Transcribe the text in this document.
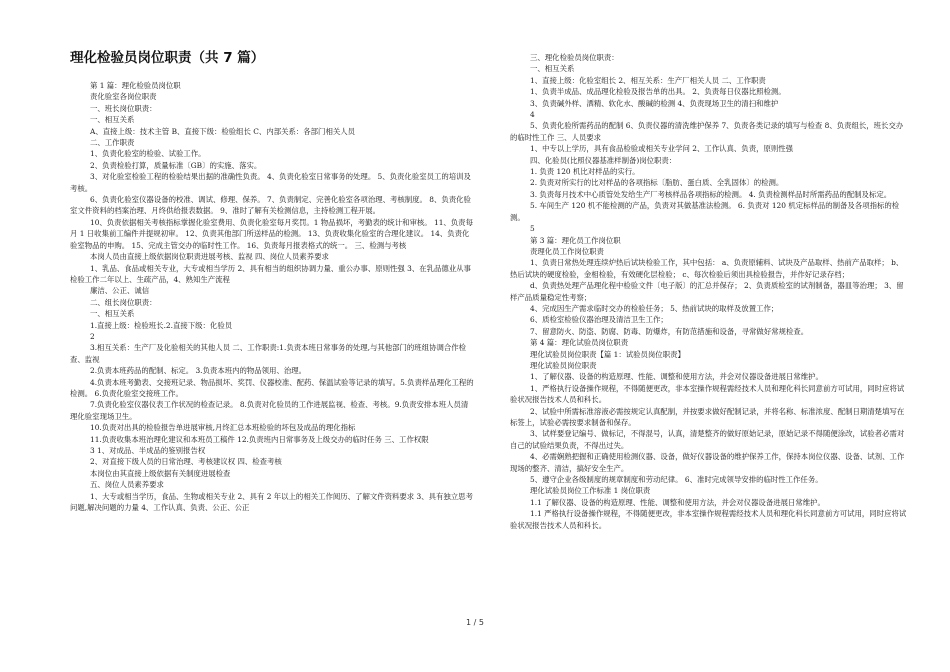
理化检验员岗位职责（共 7 篇）

第 1 篇：理化检验员岗位职

责化验室各岗位职责

一、班长岗位职责：

一、相互关系

A、直接上级：技术主管 B、直接下级：检验组长 C、内部关系：各部门相关人员

二、工作职责

1、负责化验室的检验、试验工作。

2、负责检验打算，质量标准〔GB〕的实施、落实。

3、对化验室检验工程的检验结果出据的准确性负责。 4、负责化验室日常事务的处理。 5、负责化验室员工的培训及考核。

6、负责化验室仪器设备的校准、调试、修理、保养。 7、负责制定、完善化验室各项治理、考核制度。 8、负责化验室文件资料的档案治理、月终供给报表数据。 9、准时了解有关检测信息，主持检测工程开展。

10、负责依据相关考核指标掌握化验室费用、负责化验室每月奖罚。1 物品损坏，考勤表的统计和审核。 11、负责每月 1 日收集前工编件并提规初审。 12、负责其他部门所送样品的检测。 13、负责收集化验室的合理化建议。 14、负责化验室物品的申购。 15、完成主管交办的临时性工作。 16、负责每月报表格式的统一。 三、检测与考核

本岗人员由直接上级依据岗位职责进展考核、监视 四、岗位人员素养要求

1、乳品、食品或相关专业，大专或相当学历 2、具有相当的组织协调力量、重公办事、原则性强 3、在乳品德业从事检验工作二年以上、生疏产品，4、熟知生产流程

廉洁、公正、诚信

二、组长岗位职责：

一、相互关系

1.直接上级：检验班长.2.直接下级：化验员

2

3.相互关系：生产厂及化验相关的其他人员 二、工作职责:1.负责本班日常事务的处理,与其他部门的班组协调合作检查、监视

2.负责本班药品的配制、标定。 3.负责本班内的物品领用、治理。

4.负责本班考勤表、交接班记录、物品损坏、奖罚、仪器校准、配药、保温试验等记录的填写。5.负责样品理化工程的检测。 6.负责化验室交接班工作。

7.负责化验室仪器仪表工作状况的检查记录。 8.负责对化验员的工作进展监视、检查、考核。9.负责安排本班人员清理化验室现场卫生。

10.负责对出具的检验报告单进展审核,月终汇总本班检验的坏包及成品的理化指标

11.负责收集本班治理化建议和本班员工稿件 12.负责班内日常事务及上级交办的临时任务 三、工作权限

3 1、对成品、半成品的鉴别报告权

2、对直接下级人员的日常治理、考核建议权 四、检查考核

本岗位由其直接上级依据有关制度进展检查

五、岗位人员素养要求

1、大专或相当学历，食品、生物或相关专业 2、具有 2 年以上的相关工作阅历、了解文件资料要求 3、具有独立思考问题,解决问题的力量 4、工作认真、负责、公正、公正

三、理化检验员岗位职责：

一、相互关系

1、直接上级：化验室组长 2、相互关系：生产厂相关人员 二、工作职责

1、负责半成品、成品理化检验及报告单的出具。 2、负责每日仪器比照检测。

3、负责碱外样、洒精、软化水、酸碱的检测 4、负责现场卫生的清扫和维护

4

5、负责化验所需药品的配制 6、负责仪器的清洗维护保养 7、负责各类记录的填写与检查 8、负责组长，班长交办的临时性工作 三、人员要求

1、中专以上学历，具有食品检验或相关专业学问 2、工作认真、负责，原则性强

四、化验员(比照仪器基准样制备)岗位职责：

1. 负责 120 机比对样品的实行。

2. 负责对所实行的比对样品的各项指标〔脂肪、蛋白质、全乳固体〕的检测。

3. 负责每月技术中心质管处发给生产厂考核样品各项指标的检测。 4. 负责检测样品时所需药品的配制及标定。

5. 车间生产 120 机不能检测的产品，负责对其做基准法检测。 6. 负责对 120 机定标样品的制备及各项指标的检测。

5

第 3 篇：理化员工作岗位职

责理化员工作岗位职责

1、负责日常热处理连续炉热后试块检验工作，其中包括： a、负责原辅料、试块及产品取样、热前产品取样； b、热后试块的硬度检验，金相检验，有效硬化层检验； c、每次检验后须出具检验报告，并作好记录存档；

d、负责热处理产品理化程中检验文件〔电子版〕的汇总并保存； 2、负责质检室的试剂制备，器皿等治理； 3、留样产品质量稳定性考察；

4、完成因生产需求临时交办的检验任务； 5、热前试块的取样及放置工作；

6、质检室检验仪器治理及清洁卫生工作；

7、留意防火、防盗、防腐、防毒、防爆炸，有防范措施和设备，寻常做好常规检查。

第 4 篇：理化试验员岗位职责

理化试验员岗位职责【篇 1：试验员岗位职责】

理化试验员岗位职责

1、了解仪器、设备的构造原理、性能、调整和使用方法，并会对仪器设备进展日常维护。

1、严格执行设备操作规程，不得随便更改，非本室操作规程需经技术人员和理化科长同意前方可试用，同时应将试验状况报告技术人员和科长。

2、试验中所需标准溶液必需按规定认真配制，并按要求做好配制记录，并将名称、标准浓度、配制日期清楚填写在标签上，试验必需按要求制备和保存。

3、试样要登记编号、做标记，不得混号，认真，清楚整齐的做好原始记录，原始记录不得随便涂改，试验者必需对自己的试验结果负责，不得出过失。

4、必需娴熟把握和正确使用检测仪器、设备，做好仪器设备的维护保养工作，保持本岗位仪器、设备、试剂、工作现场的整齐、清洁，搞好安全生产。

5、遵守企业各级制度的规章制度和劳动纪律。 6、准时完成领导安排的临时性工作任务。

理化试验员岗位工作标准 1 岗位职责

1.1 了解仪器、设备的构造原理、性能、调整和使用方法，并会对仪器设备进展日常维护。

1.1 严格执行设备操作规程，不得随便更改，非本室操作规程需经技术人员和理化科长同意前方可试用，同时应将试验状况报告技术人员和科长。

1 / 5
